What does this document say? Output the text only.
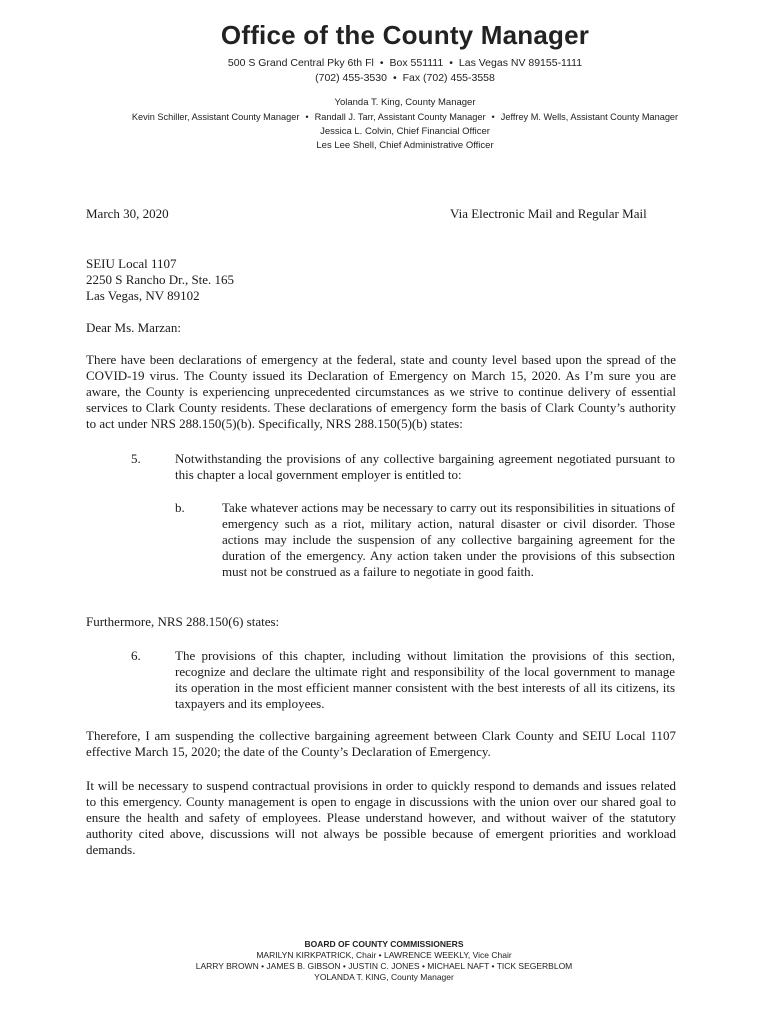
Office of the County Manager
500 S Grand Central Pky 6th Fl • Box 551111 • Las Vegas NV 89155-1111
(702) 455-3530 • Fax (702) 455-3558
Yolanda T. King, County Manager
Kevin Schiller, Assistant County Manager • Randall J. Tarr, Assistant County Manager • Jeffrey M. Wells, Assistant County Manager
Jessica L. Colvin, Chief Financial Officer
Les Lee Shell, Chief Administrative Officer
March 30, 2020	Via Electronic Mail and Regular Mail
SEIU Local 1107
2250 S Rancho Dr., Ste. 165
Las Vegas, NV 89102
Dear Ms. Marzan:
There have been declarations of emergency at the federal, state and county level based upon the spread of the COVID-19 virus. The County issued its Declaration of Emergency on March 15, 2020. As I’m sure you are aware, the County is experiencing unprecedented circumstances as we strive to continue delivery of essential services to Clark County residents. These declarations of emergency form the basis of Clark County’s authority to act under NRS 288.150(5)(b). Specifically, NRS 288.150(5)(b) states:
5.	Notwithstanding the provisions of any collective bargaining agreement negotiated pursuant to this chapter a local government employer is entitled to:
b.	Take whatever actions may be necessary to carry out its responsibilities in situations of emergency such as a riot, military action, natural disaster or civil disorder. Those actions may include the suspension of any collective bargaining agreement for the duration of the emergency. Any action taken under the provisions of this subsection must not be construed as a failure to negotiate in good faith.
Furthermore, NRS 288.150(6) states:
6.	The provisions of this chapter, including without limitation the provisions of this section, recognize and declare the ultimate right and responsibility of the local government to manage its operation in the most efficient manner consistent with the best interests of all its citizens, its taxpayers and its employees.
Therefore, I am suspending the collective bargaining agreement between Clark County and SEIU Local 1107 effective March 15, 2020; the date of the County’s Declaration of Emergency.
It will be necessary to suspend contractual provisions in order to quickly respond to demands and issues related to this emergency. County management is open to engage in discussions with the union over our shared goal to ensure the health and safety of employees. Please understand however, and without waiver of the statutory authority cited above, discussions will not always be possible because of emergent priorities and workload demands.
BOARD OF COUNTY COMMISSIONERS
MARILYN KIRKPATRICK, Chair • LAWRENCE WEEKLY, Vice Chair
LARRY BROWN • JAMES B. GIBSON • JUSTIN C. JONES • MICHAEL NAFT • TICK SEGERBLOM
YOLANDA T. KING, County Manager
